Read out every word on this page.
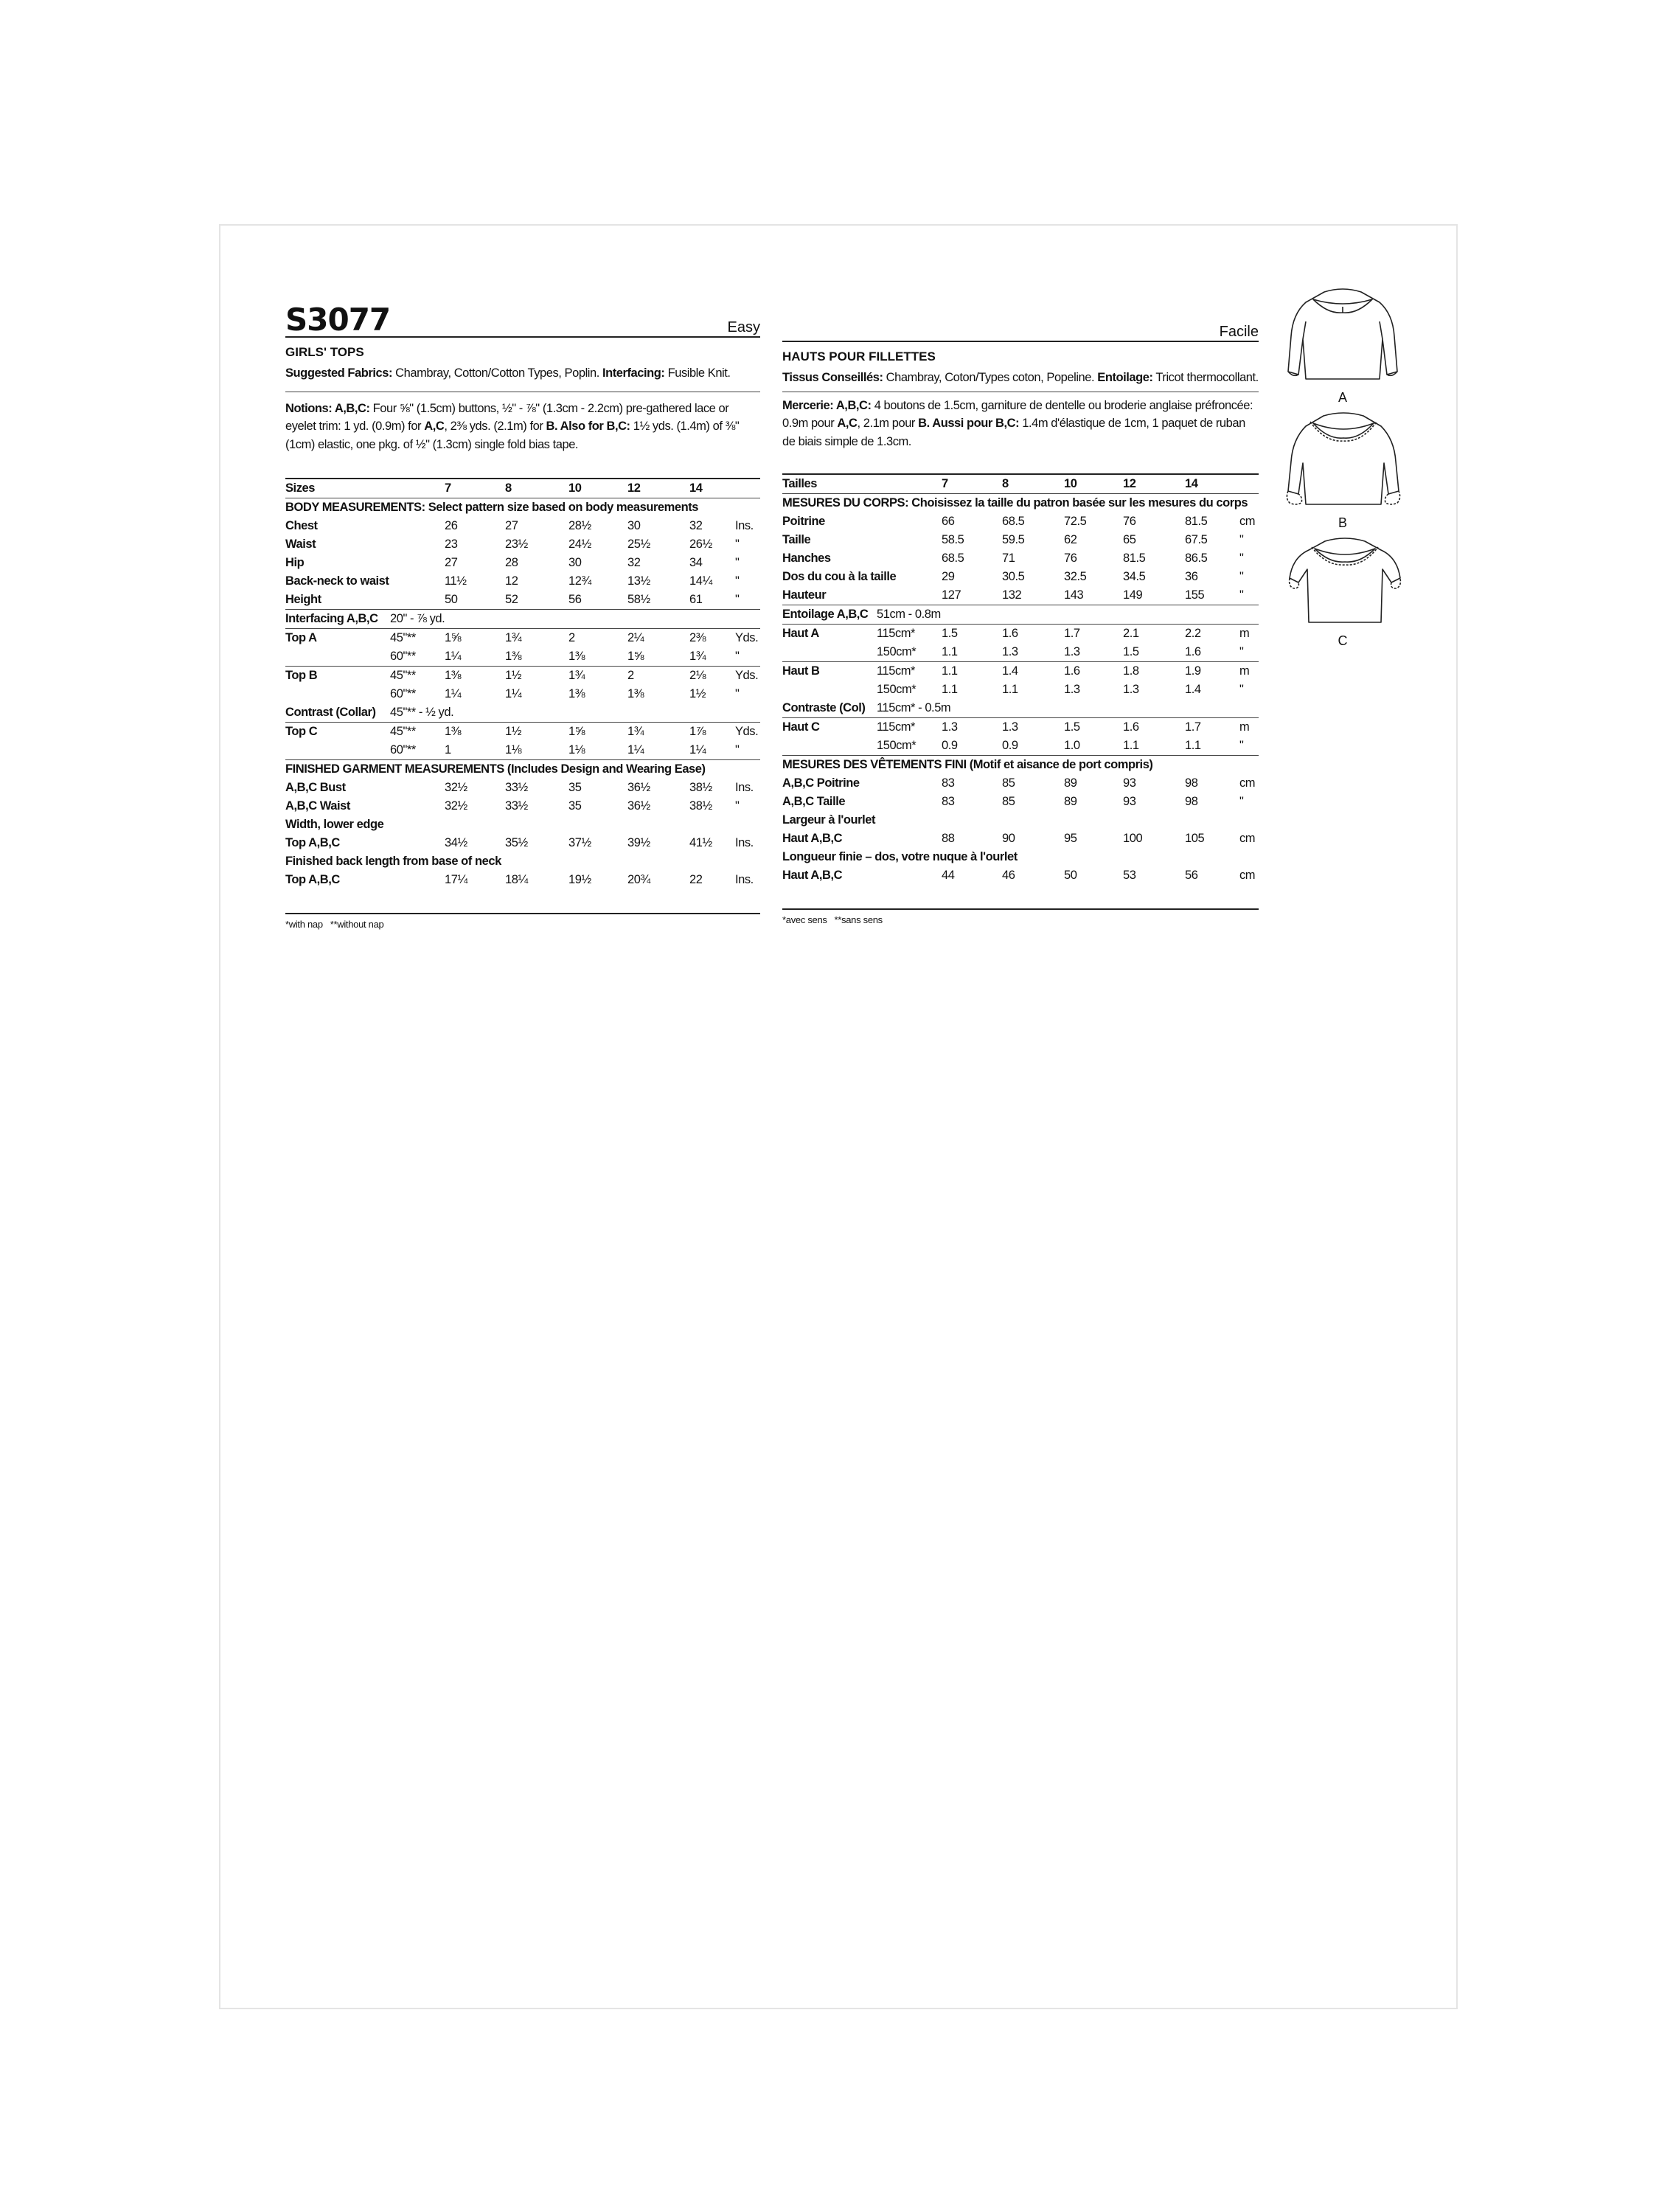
S3077	Easy
GIRLS' TOPS
Suggested Fabrics: Chambray, Cotton/Cotton Types, Poplin. Interfacing: Fusible Knit.
Notions: A,B,C: Four ⅝" (1.5cm) buttons, ½" - ⅞" (1.3cm - 2.2cm) pre-gathered lace or eyelet trim: 1 yd. (0.9m) for A,C, 2⅜ yds. (2.1m) for B. Also for B,C: 1½ yds. (1.4m) of ⅜" (1cm) elastic, one pkg. of ½" (1.3cm) single fold bias tape.
Sizes	7	8	10	12	14
BODY MEASUREMENTS: Select pattern size based on body measurements
Chest	26	27	28½	30	32	Ins.
Waist	23	23½	24½	25½	26½ "
Hip	27	28	30	32	34	"
Back-neck to waist	11½	12	12¾	13½	14¼ "
Height	50	52	56	58½	61	"
Interfacing A,B,C 20" - ⅞ yd.
Top A	45"** 1⅝	1¾	2	2¼	2⅜ Yds.
60"** 1¼	1⅜	1⅜	1⅝	1¾ "
Top B	45"** 1⅜	1½	1¾	2	2⅛ Yds.
60"** 1¼	1¼	1⅜	1⅜	1½ "
Contrast (Collar) 45"** - ½ yd.
Top C	45"** 1⅜	1½	1⅝	1¾	1⅞ Yds.
60"** 1	1⅛	1⅛	1¼	1¼ "
FINISHED GARMENT MEASUREMENTS (Includes Design and Wearing Ease)
A,B,C Bust	32½	33½	35	36½	38½ Ins.
A,B,C Waist	32½	33½	35	36½	38½ "
Width, lower edge
Top A,B,C	34½	35½	37½	39½	41½ Ins.
Finished back length from base of neck
Top A,B,C	17¼	18¼	19½	20¾	22	Ins.
*with nap   **without nap
Facile
HAUTS POUR FILLETTES
Tissus Conseillés: Chambray, Coton/Types coton, Popeline. Entoilage: Tricot thermocollant.
Mercerie: A,B,C: 4 boutons de 1.5cm, garniture de dentelle ou broderie anglaise préfroncée: 0.9m pour A,C, 2.1m pour B. Aussi pour B,C: 1.4m d'élastique de 1cm, 1 paquet de ruban de biais simple de 1.3cm.
Tailles	7	8	10	12	14
MESURES DU CORPS: Choisissez la taille du patron basée sur les mesures du corps
Poitrine	66	68.5	72.5	76	81.5	cm
Taille	58.5	59.5	62	65	67.5	"
Hanches	68.5	71	76	81.5	86.5	"
Dos du cou à la taille	29	30.5	32.5	34.5	36	"
Hauteur	127	132	143	149	155	"
Entoilage A,B,C 51cm - 0.8m
Haut A	115cm* 1.5	1.6	1.7	2.1	2.2	m
150cm* 1.1	1.3	1.3	1.5	1.6	"
Haut B	115cm* 1.1	1.4	1.6	1.8	1.9	m
150cm* 1.1	1.1	1.3	1.3	1.4	"
Contraste (Col) 115cm* - 0.5m
Haut C	115cm* 1.3	1.3	1.5	1.6	1.7	m
150cm* 0.9	0.9	1.0	1.1	1.1	"
MESURES DES VÊTEMENTS FINI (Motif et aisance de port compris)
A,B,C Poitrine	83	85	89	93	98	cm
A,B,C Taille	83	85	89	93	98	"
Largeur à l'ourlet
Haut A,B,C	88	90	95	100	105	cm
Longueur finie – dos, votre nuque à l'ourlet
Haut A,B,C	44	46	50	53	56	cm
*avec sens   **sans sens
A
B
C
